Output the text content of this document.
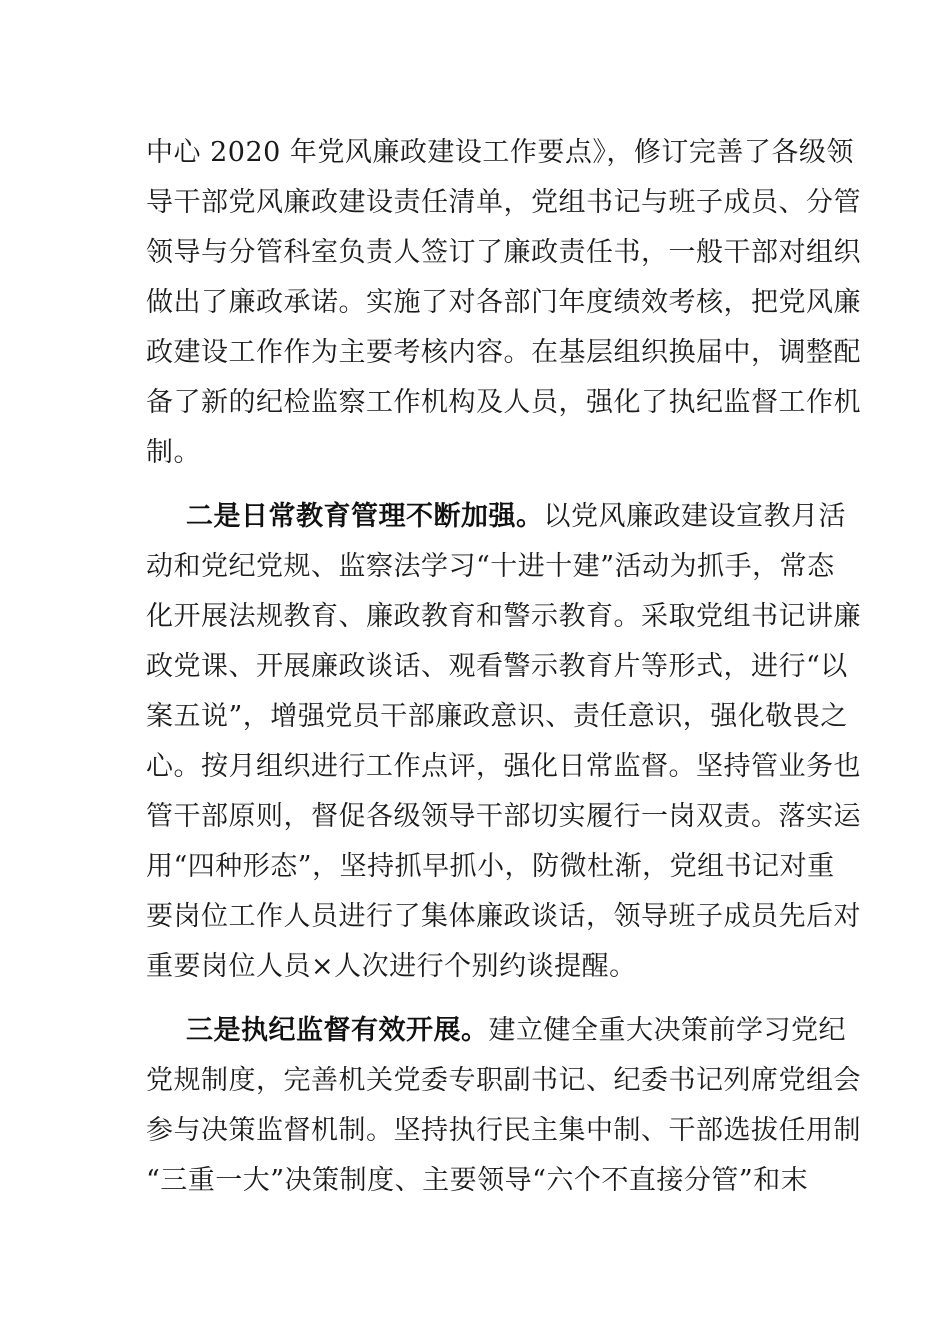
中心 2020 年党风廉政建设工作要点》，修订完善了各级领
导干部党风廉政建设责任清单，党组书记与班子成员、分管
领导与分管科室负责人签订了廉政责任书，一般干部对组织
做出了廉政承诺。实施了对各部门年度绩效考核，把党风廉
政建设工作作为主要考核内容。在基层组织换届中，调整配
备了新的纪检监察工作机构及人员，强化了执纪监督工作机
制。
二是日常教育管理不断加强。以党风廉政建设宣教月活
动和党纪党规、监察法学习“十进十建”活动为抓手，常态
化开展法规教育、廉政教育和警示教育。采取党组书记讲廉
政党课、开展廉政谈话、观看警示教育片等形式，进行“以
案五说”，增强党员干部廉政意识、责任意识，强化敬畏之
心。按月组织进行工作点评，强化日常监督。坚持管业务也
管干部原则，督促各级领导干部切实履行一岗双责。落实运
用“四种形态”，坚持抓早抓小，防微杜渐，党组书记对重
要岗位工作人员进行了集体廉政谈话，领导班子成员先后对
重要岗位人员×人次进行个别约谈提醒。
三是执纪监督有效开展。建立健全重大决策前学习党纪
党规制度，完善机关党委专职副书记、纪委书记列席党组会
参与决策监督机制。坚持执行民主集中制、干部选拔任用制
“三重一大”决策制度、主要领导“六个不直接分管”和末
